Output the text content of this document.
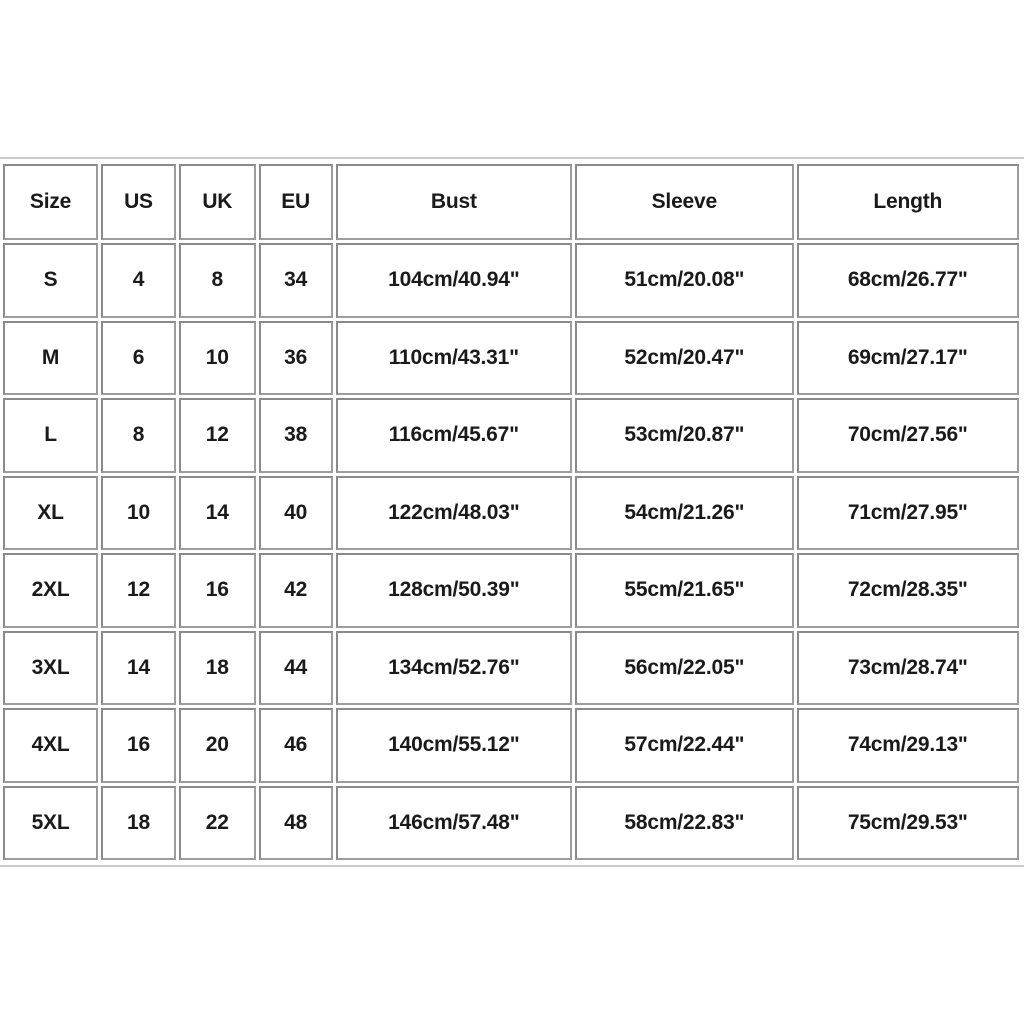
Size	US	UK	EU	Bust	Sleeve	Length
S	4	8	34	104cm/40.94"	51cm/20.08"	68cm/26.77"
M	6	10	36	110cm/43.31"	52cm/20.47"	69cm/27.17"
L	8	12	38	116cm/45.67"	53cm/20.87"	70cm/27.56"
XL	10	14	40	122cm/48.03"	54cm/21.26"	71cm/27.95"
2XL	12	16	42	128cm/50.39"	55cm/21.65"	72cm/28.35"
3XL	14	18	44	134cm/52.76"	56cm/22.05"	73cm/28.74"
4XL	16	20	46	140cm/55.12"	57cm/22.44"	74cm/29.13"
5XL	18	22	48	146cm/57.48"	58cm/22.83"	75cm/29.53"
